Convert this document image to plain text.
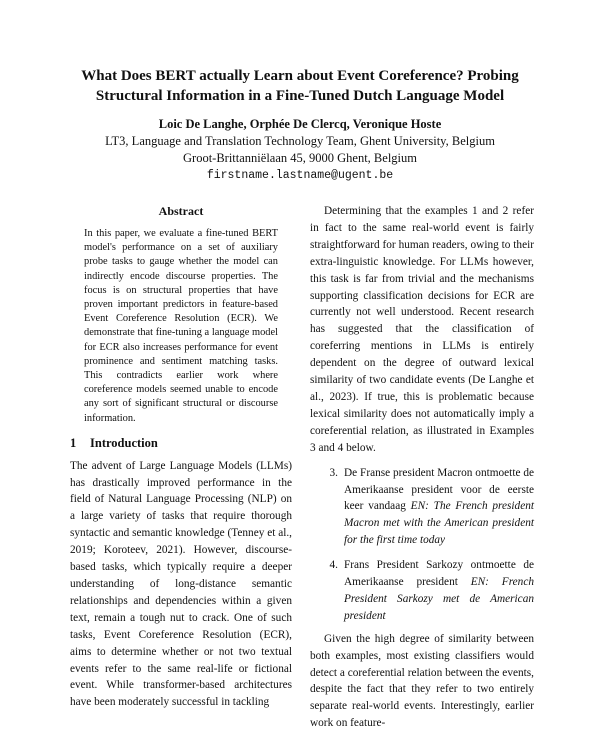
What Does BERT actually Learn about Event Coreference? Probing
Structural Information in a Fine-Tuned Dutch Language Model
Loic De Langhe, Orphée De Clercq, Veronique Hoste
LT3, Language and Translation Technology Team, Ghent University, Belgium
Groot-Brittanniëlaan 45, 9000 Ghent, Belgium
firstname.lastname@ugent.be
Abstract

In this paper, we evaluate a fine-tuned BERT model's performance on a set of auxiliary probe tasks to gauge whether the model can indirectly encode discourse properties. The focus is on structural properties that have proven important predictors in feature-based Event Coreference Resolution (ECR). We demonstrate that fine-tuning a language model for ECR also increases performance for event prominence and sentiment matching tasks. This contradicts earlier work where coreference models seemed unable to encode any sort of significant structural or discourse information.

1 Introduction

The advent of Large Language Models (LLMs) has drastically improved performance in the field of Natural Language Processing (NLP) on a large variety of tasks that require thorough syntactic and semantic knowledge (Tenney et al., 2019; Koroteev, 2021). However, discourse-based tasks, which typically require a deeper understanding of long-distance semantic relationships and dependencies within a given text, remain a tough nut to crack. One of such tasks, Event Coreference Resolution (ECR), aims to determine whether or not two textual events refer to the same real-life or fictional event. While transformer-based architectures have been moderately successful in tackling

Determining that the examples 1 and 2 refer in fact to the same real-world event is fairly straightforward for human readers, owing to their extra-linguistic knowledge. For LLMs however, this task is far from trivial and the mechanisms supporting classification decisions for ECR are currently not well understood. Recent research has suggested that the classification of coreferring mentions in LLMs is entirely dependent on the degree of outward lexical similarity of two candidate events (De Langhe et al., 2023). If true, this is problematic because lexical similarity does not automatically imply a coreferential relation, as illustrated in Examples 3 and 4 below.

3. De Franse president Macron ontmoette de Amerikaanse president voor de eerste keer vandaag EN: The French president Macron met with the American president for the first time today
4. Frans President Sarkozy ontmoette de Amerikaanse president EN: French President Sarkozy met de American president

Given the high degree of similarity between both examples, most existing classifiers would detect a coreferential relation between the events, despite the fact that they refer to two entirely separate real-world events. Interestingly, earlier work on feature-
